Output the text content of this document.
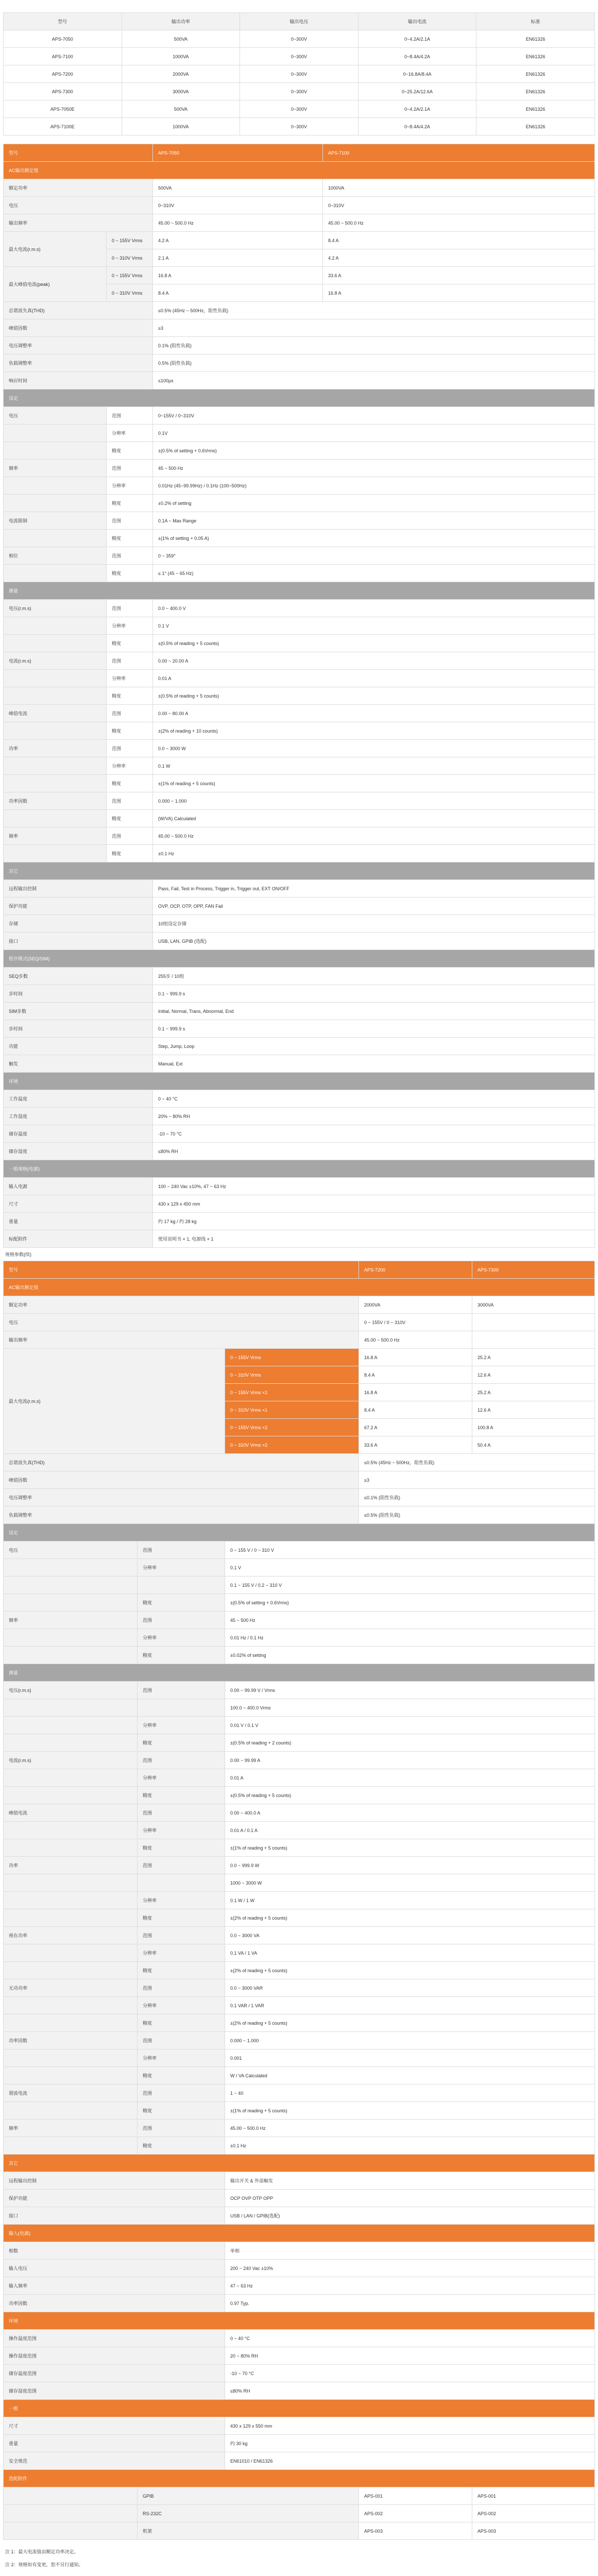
型号	输出功率	输出电压	输出电流	标准
APS-7050	500VA	0~300V	0~4.2A/2.1A	EN61326
APS-7100	1000VA	0~300V	0~8.4A/4.2A	EN61326
APS-7200	2000VA	0~300V	0~16.8A/8.4A	EN61326
APS-7300	3000VA	0~300V	0~25.2A/12.6A	EN61326
APS-7050E	500VA	0~300V	0~4.2A/2.1A	EN61326
APS-7100E	1000VA	0~300V	0~8.4A/4.2A	EN61326
型号		APS-7050	APS-7100
AC输出额定值			
额定功率		500VA	1000VA
电压		0~310V	0~310V
输出频率		45.00 ~ 500.0 Hz	45.00 ~ 500.0 Hz
最大电流(r.m.s)	0 ~ 155V Vrms	4.2 A	8.4 A
	0 ~ 310V Vrms	2.1 A	4.2 A
最大峰值电流(peak)	0 ~ 155V Vrms	16.8 A	33.6 A
	0 ~ 310V Vrms	8.4 A	16.8 A
总谐波失真(THD)		≤0.5% (45Hz ~ 500Hz，阻性负载)	
峰值因数		≥3	
电压调整率		0.1% (阻性负载)	
负载调整率		0.5% (阻性负载)	
响应时间		≤100μs	
设定			
电压	范围	0~155V / 0~310V	
	分辨率	0.1V	
	精度	±(0.5% of setting + 0.6Vrms)	
频率	范围	45 ~ 500 Hz	
	分辨率	0.01Hz (45~99.99Hz) / 0.1Hz (100~500Hz)	
	精度	±0.2% of setting	
电流限制	范围	0.1A ~ Max Range	
	精度	±(1% of setting + 0.05 A)	
相位	范围	0 ~ 359°	
	精度	≤ 1° (45 ~ 65 Hz)	
测量			
电压(r.m.s)	范围	0.0 ~ 400.0 V	
	分辨率	0.1 V	
	精度	±(0.5% of reading + 5 counts)	
电流(r.m.s)	范围	0.00 ~ 20.00 A	
	分辨率	0.01 A	
	精度	±(0.5% of reading + 5 counts)	
峰值电流	范围	0.00 ~ 80.00 A	
	精度	±(2% of reading + 10 counts)	
功率	范围	0.0 ~ 3000 W	
	分辨率	0.1 W	
	精度	±(1% of reading + 5 counts)	
功率因数	范围	0.000 ~ 1.000	
	精度	(W/VA) Calculated	
频率	范围	45.00 ~ 500.0 Hz	
	精度	±0.1 Hz	
其它			
远程输出控制		Pass, Fail, Test in Process, Trigger in, Trigger out, EXT ON/OFF	
保护功能		OVP, OCP, OTP, OPP, FAN Fail	
存储		10组设定存储	
接口		USB, LAN, GPIB (选配)	
程序模式(SEQ/SIM)			
SEQ步数		255步 / 10组	
步时间		0.1 ~ 999.9 s	
SIM步数		Initial, Normal, Trans, Abnormal, End	
步时间		0.1 ~ 999.9 s	
功能		Step, Jump, Loop	
触发		Manual, Ext	
环境			
工作温度		0 ~ 40 °C	
工作湿度		20% ~ 80% RH	
储存温度		-10 ~ 70 °C	
储存湿度		≤80% RH	
一般规格(电源)			
输入电源		100 ~ 240 Vac ±10%, 47 ~ 63 Hz	
尺寸		430 x 129 x 450 mm	
重量		约 17 kg / 约 28 kg	
标配附件		使用说明书 × 1, 电源线 × 1	
规格参数(续)
型号			APS-7200	APS-7300
AC输出额定值				
额定功率			2000VA	3000VA
电压			0 ~ 155V / 0 ~ 310V	
输出频率			45.00 ~ 500.0 Hz	
最大电流(r.m.s)		0 ~ 155V Vrms	16.8 A	25.2 A
		0 ~ 310V Vrms	8.4 A	12.6 A
		0 ~ 155V Vrms ×1	16.8 A	25.2 A
		0 ~ 310V Vrms ×1	8.4 A	12.6 A
		0 ~ 155V Vrms ×2	67.2 A	100.8 A
		0 ~ 310V Vrms ×2	33.6 A	50.4 A
总谐波失真(THD)			≤0.5% (45Hz ~ 500Hz，阻性负载)	
峰值因数			≥3	
电压调整率			≤0.1% (阻性负载)	
负载调整率			≤0.5% (阻性负载)	
设定				
电压	范围	0 ~ 155 V / 0 ~ 310 V		
	分辨率	0.1 V		
		0.1 ~ 155 V / 0.2 ~ 310 V		
	精度	±(0.5% of setting + 0.6Vrms)		
频率	范围	45 ~ 500 Hz		
	分辨率	0.01 Hz / 0.1 Hz		
	精度	±0.02% of setting		
测量				
电压(r.m.s)	范围	0.00 ~ 99.99 V / Vrms		
		100.0 ~ 400.0 Vrms		
	分辨率	0.01 V / 0.1 V		
	精度	±(0.5% of reading + 2 counts)		
电流(r.m.s)	范围	0.00 ~ 99.99 A		
	分辨率	0.01 A		
	精度	±(0.5% of reading + 5 counts)		
峰值电流	范围	0.00 ~ 400.0 A		
	分辨率	0.01 A / 0.1 A		
	精度	±(1% of reading + 5 counts)		
功率	范围	0.0 ~ 999.9 W		
		1000 ~ 3000 W		
	分辨率	0.1 W / 1 W		
	精度	±(2% of reading + 5 counts)		
视在功率	范围	0.0 ~ 3000 VA		
	分辨率	0.1 VA / 1 VA		
	精度	±(2% of reading + 5 counts)		
无功功率	范围	0.0 ~ 3000 VAR		
	分辨率	0.1 VAR / 1 VAR		
	精度	±(2% of reading + 5 counts)		
功率因数	范围	0.000 ~ 1.000		
	分辨率	0.001		
	精度	W / VA Calculated		
谐波电流	范围	1 ~ 40		
	精度	±(1% of reading + 5 counts)		
频率	范围	45.00 ~ 500.0 Hz		
	精度	±0.1 Hz		
其它				
远程输出控制		输出开关 & 外部触发		
保护功能		OCP OVP OTP OPP		
接口		USB / LAN / GPIB(选配)		
输入(电源)				
相数		单相		
输入电压		200 ~ 240 Vac ±10%		
输入频率		47 ~ 63 Hz		
功率因数		0.97 Typ.		
环境				
操作温度范围		0 ~ 40 °C		
操作湿度范围		20 ~ 80% RH		
储存温度范围		-10 ~ 70 °C		
储存湿度范围		≤80% RH		
一般				
尺寸		430 x 129 x 550 mm		
重量		约 30 kg		
安全规范		EN61010 / EN61326		
选配附件				
	GPIB		APS-001	APS-001
	RS-232C		APS-002	APS-002
	机架		APS-003	APS-003
注 1：最大电流值由额定功率决定。
注 2：规格如有变更，恕不另行通知。
